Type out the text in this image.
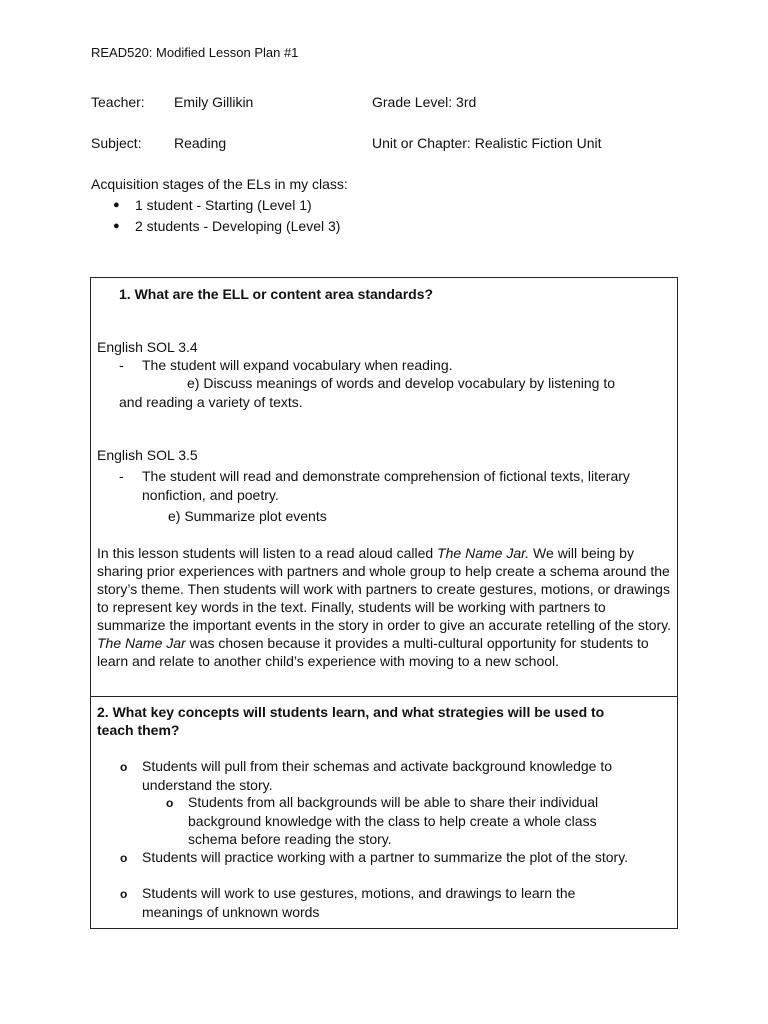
READ520: Modified Lesson Plan #1
Teacher: Emily Gillikin	Grade Level: 3rd
Subject: Reading	Unit or Chapter: Realistic Fiction Unit
Acquisition stages of the ELs in my class:
● 1 student - Starting (Level 1)
● 2 students - Developing (Level 3)
1. What are the ELL or content area standards?
English SOL 3.4
- The student will expand vocabulary when reading.
e) Discuss meanings of words and develop vocabulary by listening to
and reading a variety of texts.
English SOL 3.5
- The student will read and demonstrate comprehension of fictional texts, literary
nonfiction, and poetry.
e) Summarize plot events
In this lesson students will listen to a read aloud called The Name Jar. We will being by sharing prior experiences with partners and whole group to help create a schema around the story’s theme. Then students will work with partners to create gestures, motions, or drawings to represent key words in the text. Finally, students will be working with partners to summarize the important events in the story in order to give an accurate retelling of the story. The Name Jar was chosen because it provides a multi-cultural opportunity for students to learn and relate to another child’s experience with moving to a new school.
2. What key concepts will students learn, and what strategies will be used to
teach them?
o Students will pull from their schemas and activate background knowledge to understand the story.
o Students from all backgrounds will be able to share their individual background knowledge with the class to help create a whole class schema before reading the story.
o Students will practice working with a partner to summarize the plot of the story.
o Students will work to use gestures, motions, and drawings to learn the meanings of unknown words
